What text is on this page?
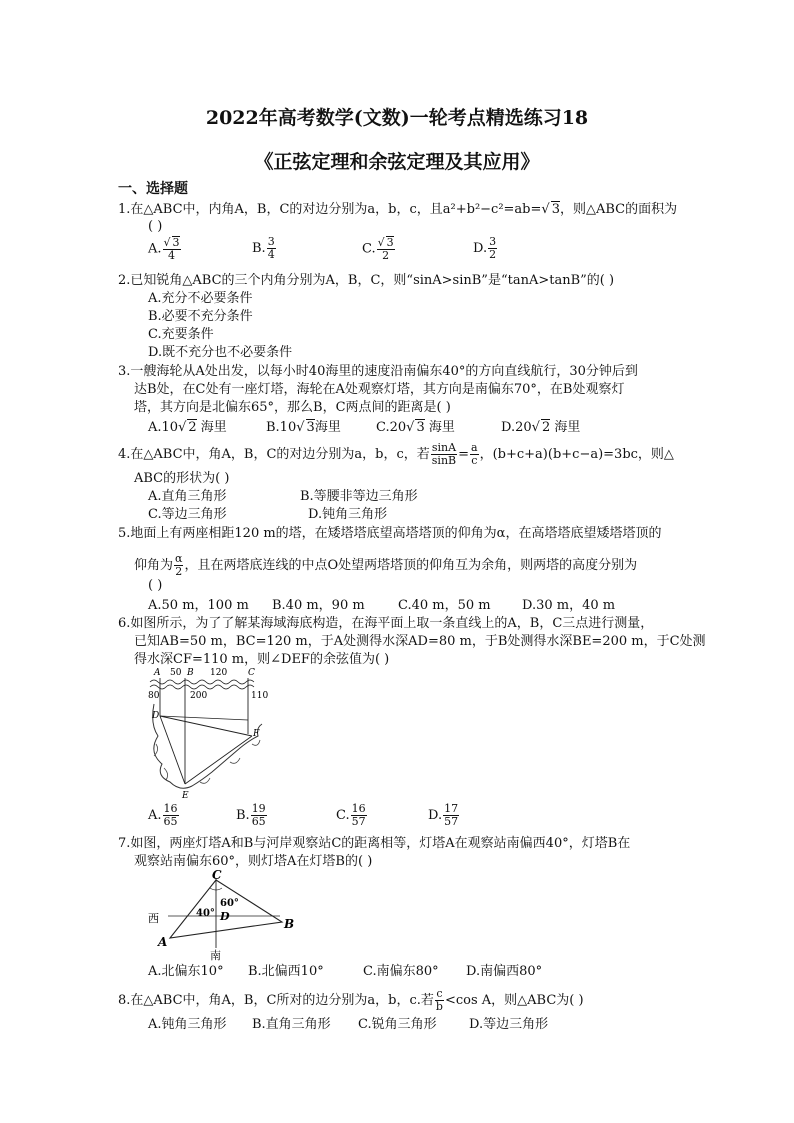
2022年高考数学(文数)一轮考点精选练习18
《正弦定理和余弦定理及其应用》
一、选择题
1.在△ABC中，内角A，B，C的对边分别为a，b，c，且a²+b²−c²=ab=√ 3，则△ABC的面积为
( )
A. $\frac{√ 3}{4}$	B. $\frac{3}{4}$	C. $\frac{√ 3}{2}$	D. $\frac{3}{2}$
2.已知锐角△ABC的三个内角分别为A，B，C，则“sinA>sinB”是“tanA>tanB”的( )
A.充分不必要条件
B.必要不充分条件
C.充要条件
D.既不充分也不必要条件
3.一艘海轮从A处出发，以每小时40海里的速度沿南偏东40°的方向直线航行，30分钟后到
达B处，在C处有一座灯塔，海轮在A处观察灯塔，其方向是南偏东70°，在B处观察灯
塔，其方向是北偏东65°，那么B，C两点间的距离是( )
A.10√ 2 海里	B.10√ 3海里	C.20√ 3 海里	D.20√ 2 海里
4.在△ABC中，角A，B，C的对边分别为a，b，c，若 $\frac{\sin A}{\sin B} = \frac{a}{c}$ ，(b+c+a)(b+c−a)=3bc，则△
ABC的形状为( )
A.直角三角形	B.等腰非等边三角形
C.等边三角形	D.钝角三角形
5.地面上有两座相距120 m的塔，在矮塔塔底望高塔塔顶的仰角为α，在高塔塔底望矮塔塔顶的
仰角为 $\frac{\alpha}{2}$ ，且在两塔底连线的中点O处望两塔塔顶的仰角互为余角，则两塔的高度分别为
( )
A.50 m，100 m B.40 m，90 m	C.40 m，50 m D.30 m，40 m
6.如图所示，为了了解某海域海底构造，在海平面上取一条直线上的A，B，C三点进行测量，
已知AB=50 m，BC=120 m，于A处测得水深AD=80 m，于B处测得水深BE=200 m，于C处测
得水深CF=110 m，则∠DEF的余弦值为( )
A 50 B 120 C
80	200	110
D
F
E
A. $\frac{16}{65}$	B. $\frac{19}{65}$	C. $\frac{16}{57}$	D. $\frac{17}{57}$
7.如图，两座灯塔A和B与河岸观察站C的距离相等，灯塔A在观察站南偏西40°，灯塔B在
观察站南偏东60°，则灯塔A在灯塔B的( )
C
60°
40° D
西
A
B
南
A.北偏东10° B.北偏西10°	C.南偏东80° D.南偏西80°
8.在△ABC中，角A，B，C所对的边分别为a，b，c.若 $\frac{c}{b} <\cos$ A，则△ABC为( )
A.钝角三角形 B.直角三角形 C.锐角三角形 D.等边三角形
